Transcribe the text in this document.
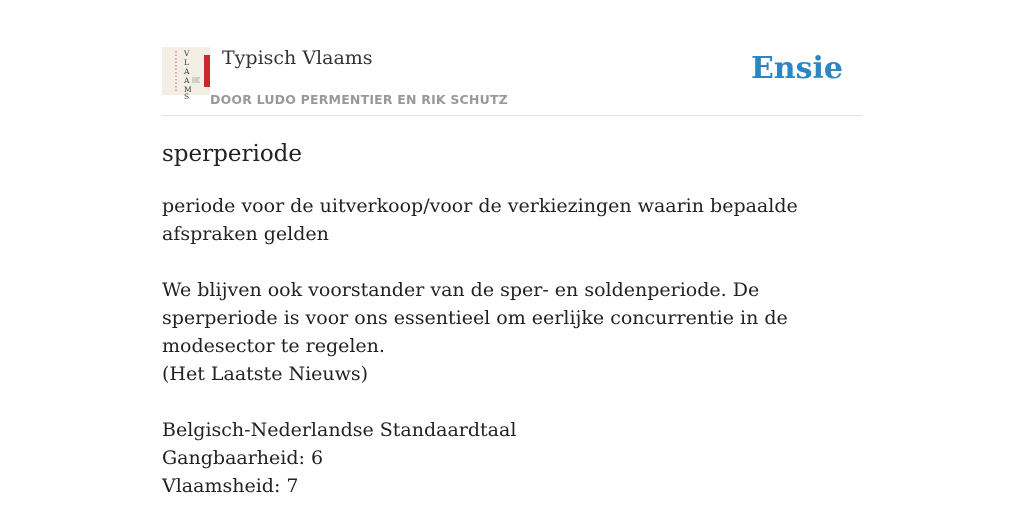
V
L
A
A
M
S
Typisch Vlaams
DOOR LUDO PERMENTIER EN RIK SCHUTZ
Ensie
sperperiode

periode voor de uitverkoop/voor de verkiezingen waarin bepaalde afspraken gelden

We blijven ook voorstander van de sper- en soldenperiode. De sperperiode is voor ons essentieel om eerlijke concurrentie in de modesector te regelen.

(Het Laatste Nieuws)

Belgisch-Nederlandse Standaardtaal

Gangbaarheid: 6

Vlaamsheid: 7
